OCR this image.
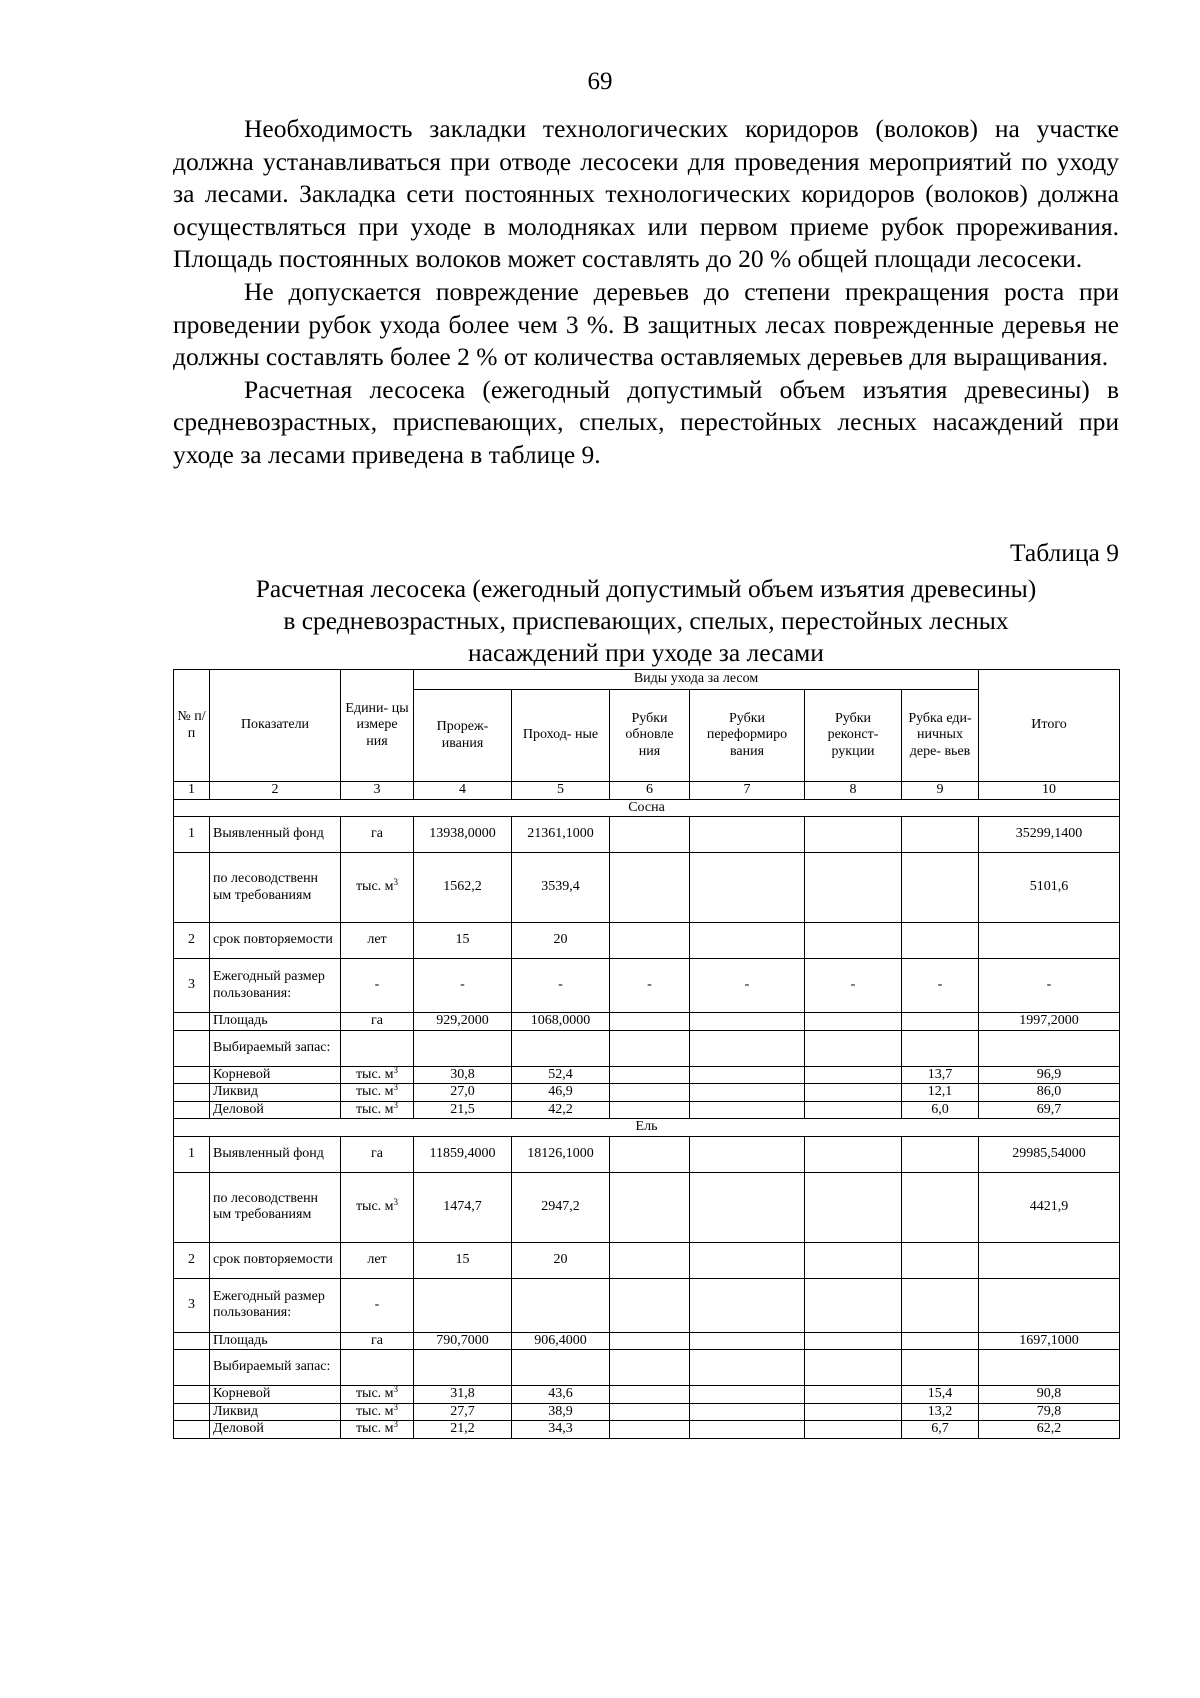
69

Необходимость закладки технологических коридоров (волоков) на участке должна устанавливаться при отводе лесосеки для проведения мероприятий по уходу за лесами. Закладка сети постоянных технологических коридоров (волоков) должна осуществляться при уходе в молодняках или первом приеме рубок прореживания. Площадь постоянных волоков может составлять до 20 % общей площади лесосеки.

Не допускается повреждение деревьев до степени прекращения роста при проведении рубок ухода более чем 3 %. В защитных лесах поврежденные деревья не должны составлять более 2 % от количества оставляемых деревьев для выращивания.

Расчетная лесосека (ежегодный допустимый объем изъятия древесины) в средневозрастных, приспевающих, спелых, перестойных лесных насаждений при уходе за лесами приведена в таблице 9.

Таблица 9
Расчетная лесосека (ежегодный допустимый объем изъятия древесины)
в средневозрастных, приспевающих, спелых, перестойных лесных
насаждений при уходе за лесами
№ п/ п	Показатели	Едини- цы измере ния	Виды ухода за лесом						Итого
			Прореж- ивания	Проход- ные	Рубки обновле ния	Рубки переформиро вания	Рубки реконст- рукции	Рубка еди- ничных дере- вьев	
1	2	3	4	5	6	7	8	9	10
Сосна									
1	Выявленный фонд	га	13938,0000	21361,1000					35299,1400
	по лесоводственн ым требованиям	тыс. $м^3$	1562,2	3539,4					5101,6
2	срок повторяемости	лет	15	20					
3	Ежегодный размер пользования:	-	-	-	-	-	-	-	-
	Площадь	га	929,2000	1068,0000					1997,2000
	Выбираемый запас:								
	Корневой	тыс. $м^3$	30,8	52,4				13,7	96,9
	Ликвид	тыс. $м^3$	27,0	46,9				12,1	86,0
	Деловой	тыс. $м^3$	21,5	42,2				6,0	69,7
Ель									
1	Выявленный фонд	га	11859,4000	18126,1000					29985,54000
	по лесоводственн ым требованиям	тыс. $м^3$	1474,7	2947,2					4421,9
2	срок повторяемости	лет	15	20					
3	Ежегодный размер пользования:	-							
	Площадь	га	790,7000	906,4000					1697,1000
	Выбираемый запас:								
	Корневой	тыс. $м^3$	31,8	43,6				15,4	90,8
	Ликвид	тыс. $м^3$	27,7	38,9				13,2	79,8
	Деловой	тыс. $м^3$	21,2	34,3				6,7	62,2
